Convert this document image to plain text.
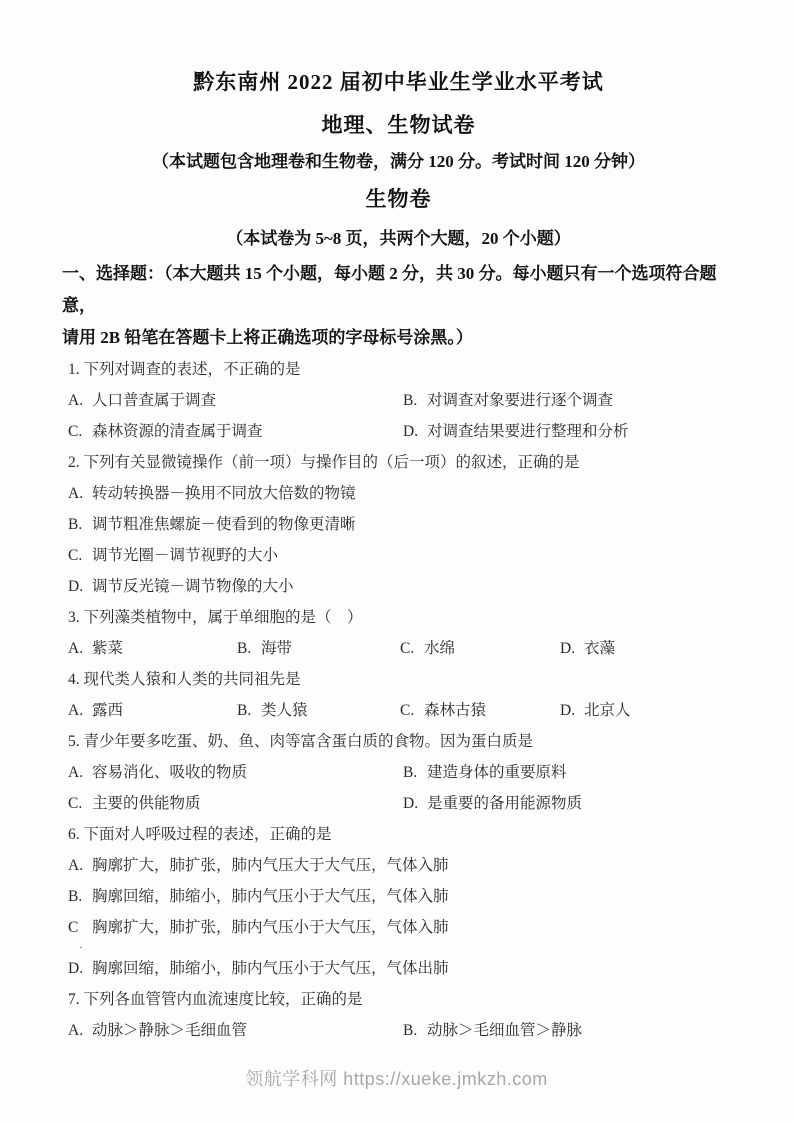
黔东南州 2022 届初中毕业生学业水平考试
地理、生物试卷
（本试题包含地理卷和生物卷，满分 120 分。考试时间 120 分钟）
生物卷
（本试卷为 5~8 页，共两个大题，20 个小题）
一、选择题：（本大题共 15 个小题，每小题 2 分，共 30 分。每小题只有一个选项符合题意，
请用 2B 铅笔在答题卡上将正确选项的字母标号涂黑。）
1. 下列对调查的表述，不正确的是
A. 人口普查属于调查	B. 对调查对象要进行逐个调查
C. 森林资源的清查属于调查	D. 对调查结果要进行整理和分析
2. 下列有关显微镜操作（前一项）与操作目的（后一项）的叙述，正确的是
A. 转动转换器－换用不同放大倍数的物镜
B. 调节粗准焦螺旋－使看到的物像更清晰
C. 调节光圈－调节视野的大小
D. 调节反光镜－调节物像的大小
3. 下列藻类植物中，属于单细胞的是（　）
A. 紫菜	B. 海带	C. 水绵	D. 衣藻
4. 现代类人猿和人类的共同祖先是
A. 露西	B. 类人猿	C. 森林古猿	D. 北京人
5. 青少年要多吃蛋、奶、鱼、肉等富含蛋白质的食物。因为蛋白质是
A. 容易消化、吸收的物质	B. 建造身体的重要原料
C. 主要的供能物质	D. 是重要的备用能源物质
6. 下面对人呼吸过程的表述，正确的是
A. 胸廓扩大，肺扩张，肺内气压大于大气压，气体入肺
B. 胸廓回缩，肺缩小，肺内气压小于大气压，气体入肺
C 胸廓扩大，肺扩张，肺内气压小于大气压，气体入肺
·
D. 胸廓回缩，肺缩小，肺内气压小于大气压，气体出肺
7. 下列各血管管内血流速度比较，正确的是
A. 动脉＞静脉＞毛细血管	B. 动脉＞毛细血管＞静脉
领航学科网 https://xueke.jmkzh.com
